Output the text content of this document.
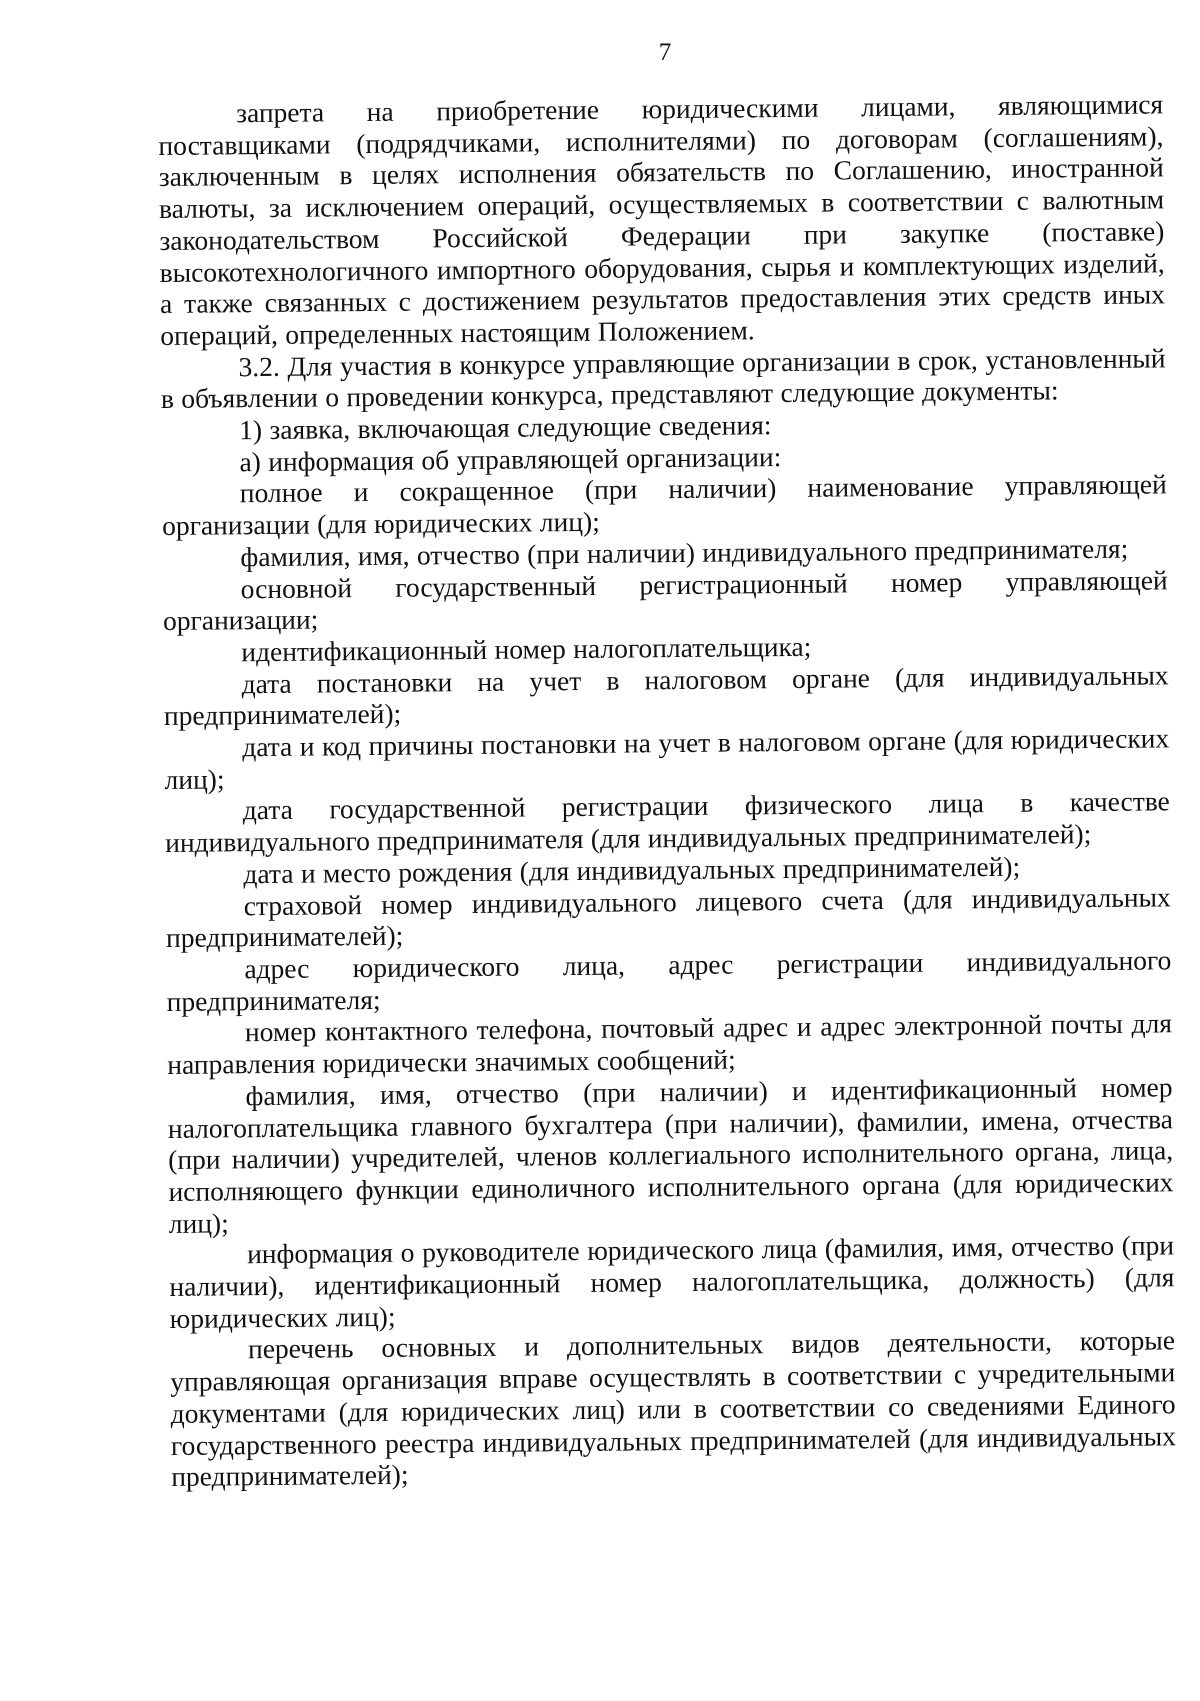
7

запрета на приобретение юридическими лицами, являющимися поставщиками (подрядчиками, исполнителями) по договорам (соглашениям), заключенным в целях исполнения обязательств по Соглашению, иностранной валюты, за исключением операций, осуществляемых в соответствии с валютным законодательством Российской Федерации при закупке (поставке) высокотехнологичного импортного оборудования, сырья и комплектующих изделий, а также связанных с достижением результатов предоставления этих средств иных операций, определенных настоящим Положением.

3.2. Для участия в конкурсе управляющие организации в срок, установленный в объявлении о проведении конкурса, представляют следующие документы:

1) заявка, включающая следующие сведения:

а) информация об управляющей организации:

полное и сокращенное (при наличии) наименование управляющей организации (для юридических лиц);

фамилия, имя, отчество (при наличии) индивидуального предпринимателя;

основной государственный регистрационный номер управляющей организации;

идентификационный номер налогоплательщика;

дата постановки на учет в налоговом органе (для индивидуальных предпринимателей);

дата и код причины постановки на учет в налоговом органе (для юридических лиц);

дата государственной регистрации физического лица в качестве индивидуального предпринимателя (для индивидуальных предпринимателей);

дата и место рождения (для индивидуальных предпринимателей);

страховой номер индивидуального лицевого счета (для индивидуальных предпринимателей);

адрес юридического лица, адрес регистрации индивидуального предпринимателя;

номер контактного телефона, почтовый адрес и адрес электронной почты для направления юридически значимых сообщений;

фамилия, имя, отчество (при наличии) и идентификационный номер налогоплательщика главного бухгалтера (при наличии), фамилии, имена, отчества (при наличии) учредителей, членов коллегиального исполнительного органа, лица, исполняющего функции единоличного исполнительного органа (для юридических лиц);

информация о руководителе юридического лица (фамилия, имя, отчество (при наличии), идентификационный номер налогоплательщика, должность) (для юридических лиц);

перечень основных и дополнительных видов деятельности, которые управляющая организация вправе осуществлять в соответствии с учредительными документами (для юридических лиц) или в соответствии со сведениями Единого государственного реестра индивидуальных предпринимателей (для индивидуальных предпринимателей);
